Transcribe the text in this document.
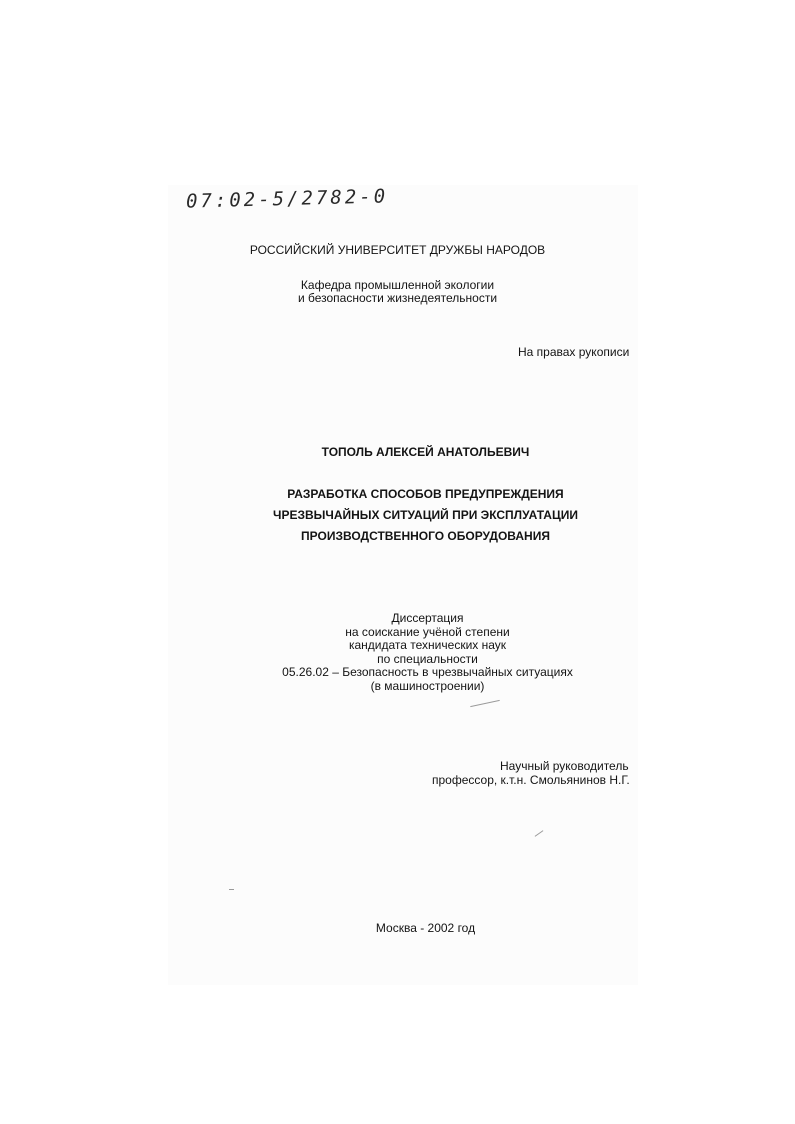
07:02-5/2782-0
РОССИЙСКИЙ УНИВЕРСИТЕТ ДРУЖБЫ НАРОДОВ
Кафедра промышленной экологии
и безопасности жизнедеятельности
На правах рукописи
ТОПОЛЬ АЛЕКСЕЙ АНАТОЛЬЕВИЧ
РАЗРАБОТКА СПОСОБОВ ПРЕДУПРЕЖДЕНИЯ
ЧРЕЗВЫЧАЙНЫХ СИТУАЦИЙ ПРИ ЭКСПЛУАТАЦИИ
ПРОИЗВОДСТВЕННОГО ОБОРУДОВАНИЯ
Диссертация
на соискание учёной степени
кандидата технических наук
по специальности
05.26.02 – Безопасность в чрезвычайных ситуациях
(в машиностроении)
Научный руководитель
профессор, к.т.н. Смольянинов Н.Г.
Москва - 2002 год
